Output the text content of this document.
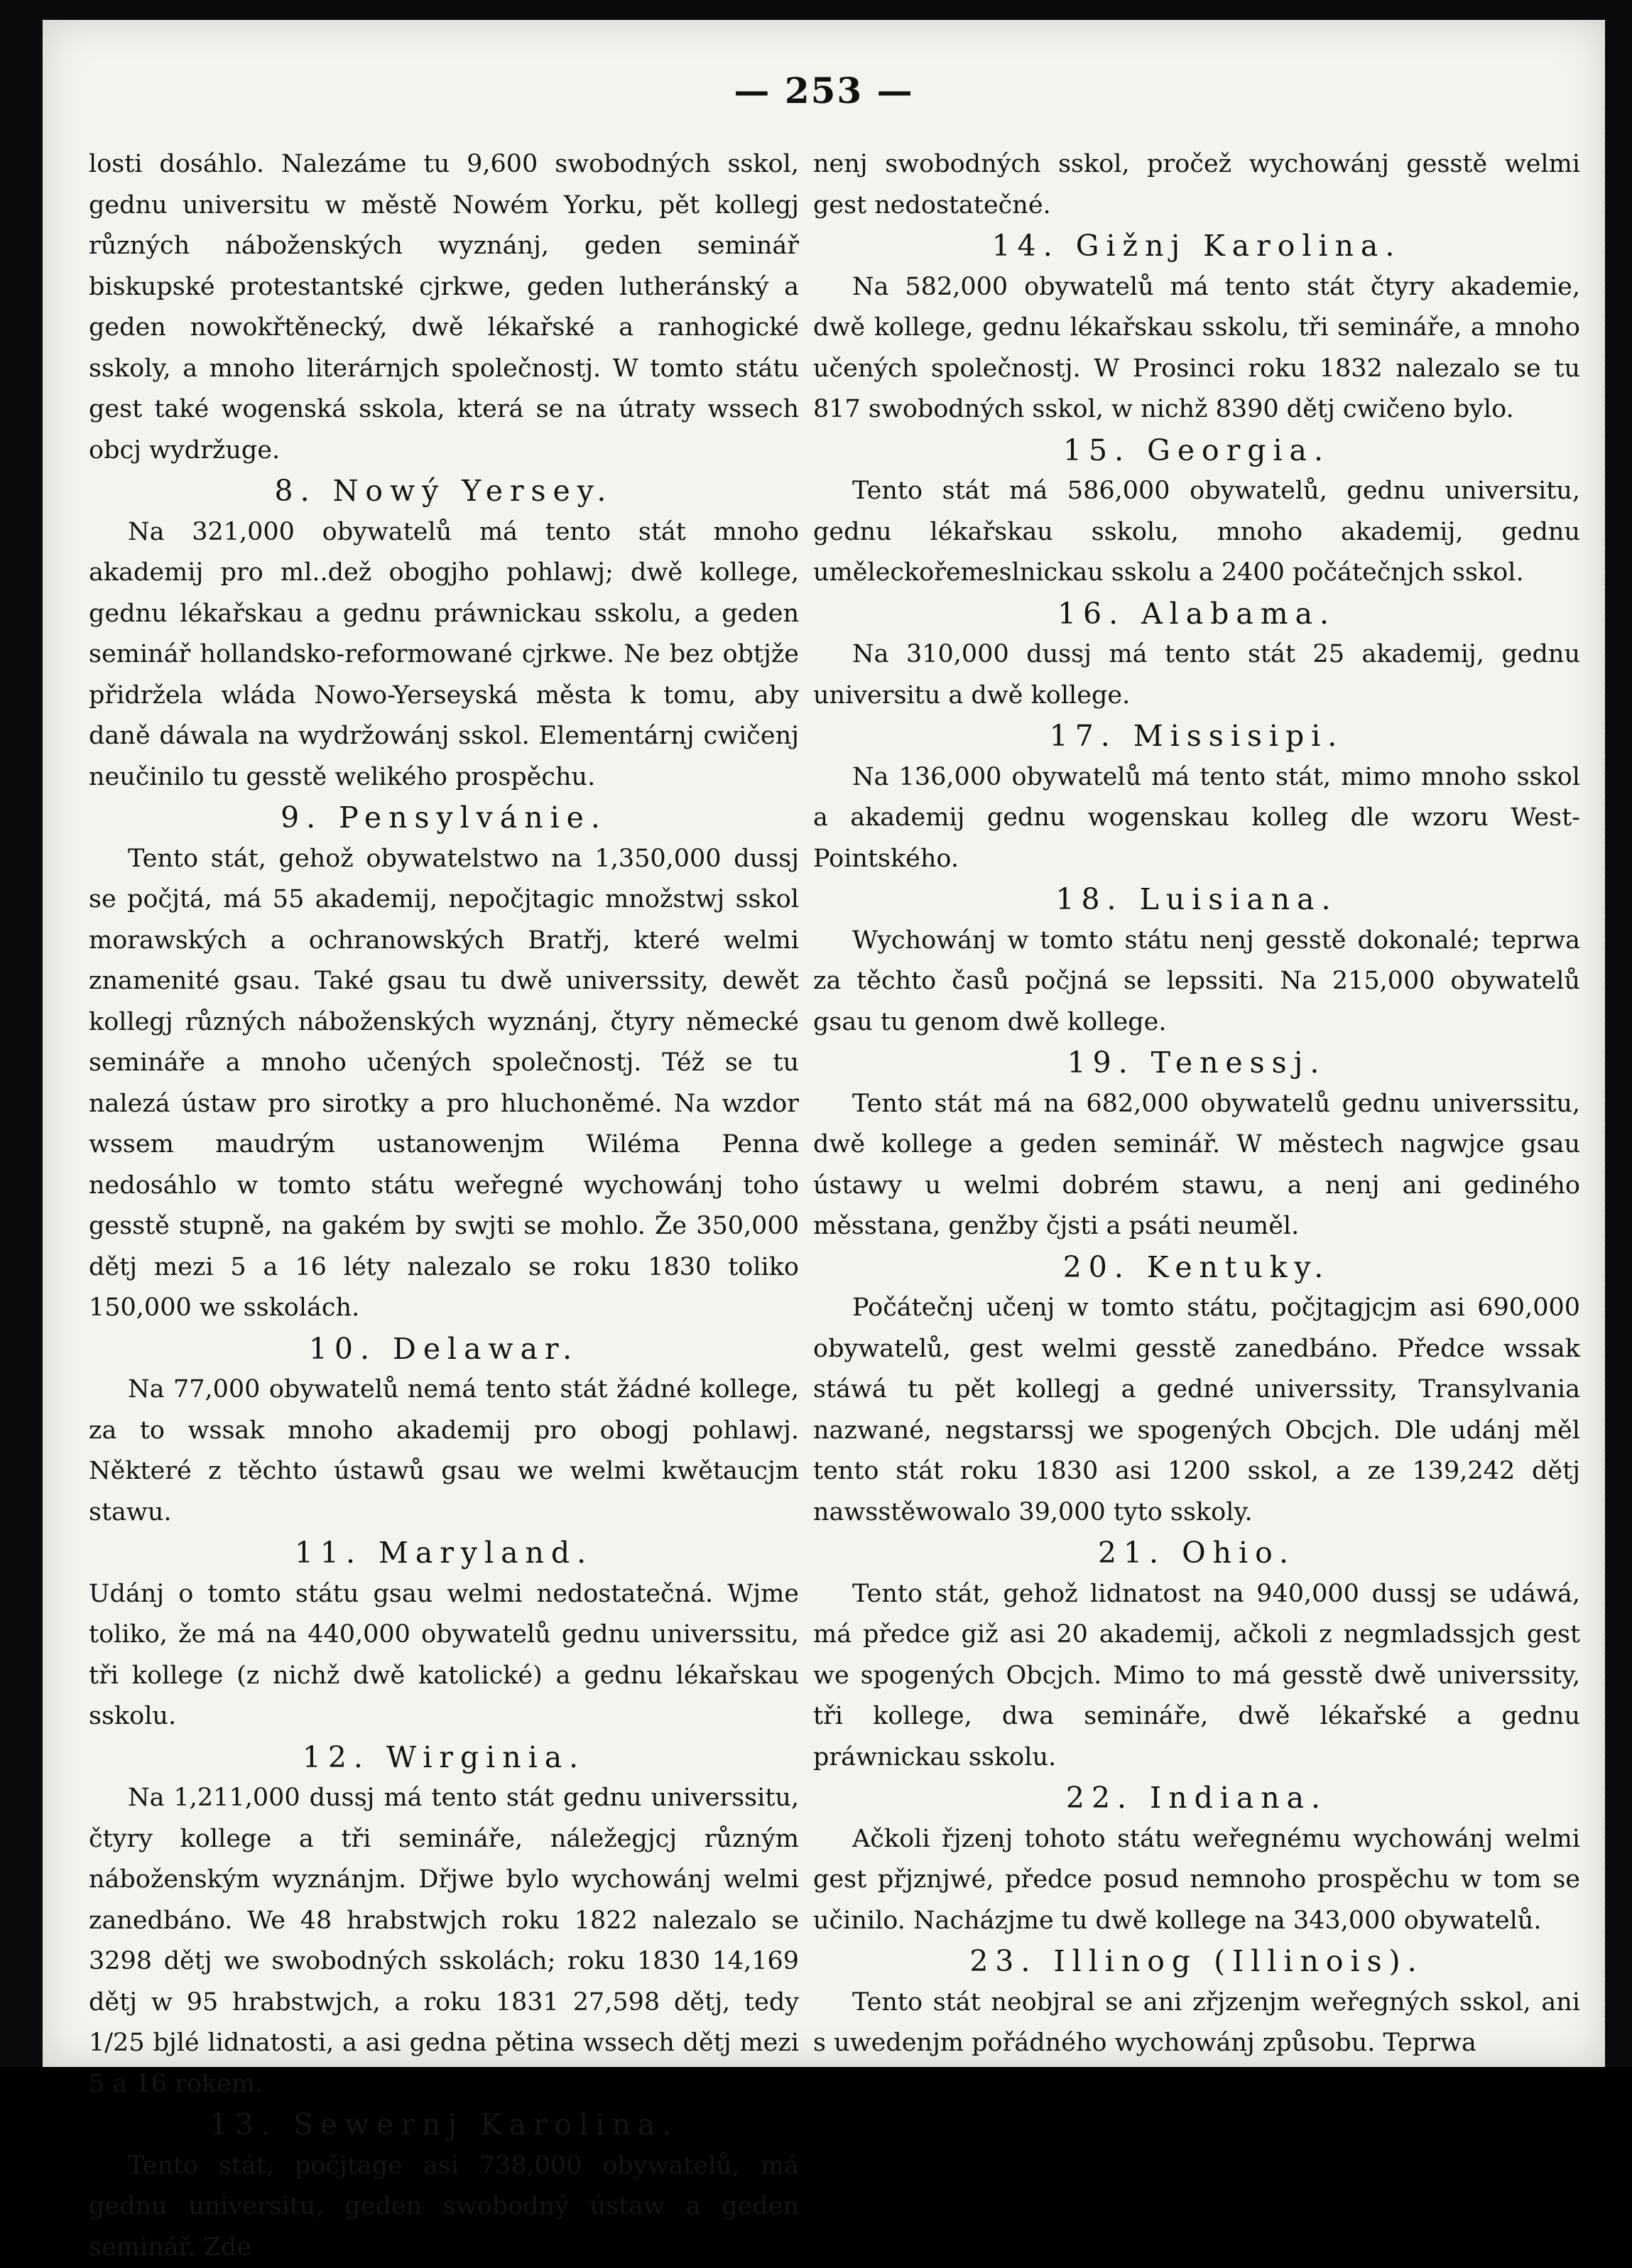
— 253 —

losti dosáhlo. Nalezáme tu 9,600 swobodných sskol, gednu universitu w městě Nowém Yorku, pět kollegj různých náboženských wyznánj, geden seminář biskupské protestantské cjrkwe, geden lutheránský a geden nowokřtěnecký, dwě lékařské a ranhogické sskoly, a mnoho literárnjch společnostj. W tomto státu gest také wogenská sskola, která se na útraty wssech obcj wydržuge.

8. Nowý Yersey.

Na 321,000 obywatelů má tento stát mnoho akademij pro ml..dež obogjho pohlawj; dwě kollege, gednu lékařskau a gednu práwnickau sskolu, a geden seminář hollandsko-reformowané cjrkwe. Ne bez obtjže přidržela wláda Nowo-Yerseyská města k tomu, aby daně dáwala na wydržowánj sskol. Elementárnj cwičenj neučinilo tu gesstě welikého prospěchu.

9. Pensylvánie.

Tento stát, gehož obywatelstwo na 1,350,000 dussj se počjtá, má 55 akademij, nepočjtagic množstwj sskol morawských a ochranowských Bratřj, které welmi znamenité gsau. Také gsau tu dwě universsity, dewět kollegj různých náboženských wyznánj, čtyry německé semináře a mnoho učených společnostj. Též se tu nalezá ústaw pro sirotky a pro hluchoněmé. Na wzdor wssem maudrým ustanowenjm Wiléma Penna nedosáhlo w tomto státu weřegné wychowánj toho gesstě stupně, na gakém by swjti se mohlo. Že 350,000 dětj mezi 5 a 16 léty nalezalo se roku 1830 toliko 150,000 we sskolách.

10. Delawar.

Na 77,000 obywatelů nemá tento stát žádné kollege, za to wssak mnoho akademij pro obogj pohlawj. Některé z těchto ústawů gsau we welmi kwětaucjm stawu.

11. Maryland.

Udánj o tomto státu gsau welmi nedostatečná. Wjme toliko, že má na 440,000 obywatelů gednu universsitu, tři kollege (z nichž dwě katolické) a gednu lékařskau sskolu.

12. Wirginia.

Na 1,211,000 dussj má tento stát gednu universsitu, čtyry kollege a tři semináře, náležegjcj různým náboženským wyznánjm. Dřjwe bylo wychowánj welmi zanedbáno. We 48 hrabstwjch roku 1822 nalezalo se 3298 dětj we swobodných sskolách; roku 1830 14,169 dětj w 95 hrabstwjch, a roku 1831 27,598 dětj, tedy 1/25 bjlé lidnatosti, a asi gedna pětina wssech dětj mezi 5 a 16 rokem.

13. Sewernj Karolina.

Tento stát, počjtage asi 738,000 obywatelů, má gednu universitu, geden swobodný ústaw a geden seminář. Zde

nenj swobodných sskol, pročež wychowánj gesstě welmi gest nedostatečné.

14. Gižnj Karolina.

Na 582,000 obywatelů má tento stát čtyry akademie, dwě kollege, gednu lékařskau sskolu, tři semináře, a mnoho učených společnostj. W Prosinci roku 1832 nalezalo se tu 817 swobodných sskol, w nichž 8390 dětj cwičeno bylo.

15. Georgia.

Tento stát má 586,000 obywatelů, gednu universitu, gednu lékařskau sskolu, mnoho akademij, gednu uměleckořemeslnickau sskolu a 2400 počátečnjch sskol.

16. Alabama.

Na 310,000 dussj má tento stát 25 akademij, gednu universitu a dwě kollege.

17. Missisipi.

Na 136,000 obywatelů má tento stát, mimo mnoho sskol a akademij gednu wogenskau kolleg dle wzoru West-Pointského.

18. Luisiana.

Wychowánj w tomto státu nenj gesstě dokonalé; teprwa za těchto časů počjná se lepssiti. Na 215,000 obywatelů gsau tu genom dwě kollege.

19. Tenessj.

Tento stát má na 682,000 obywatelů gednu universsitu, dwě kollege a geden seminář. W městech nagwjce gsau ústawy u welmi dobrém stawu, a nenj ani gediného měsstana, genžby čjsti a psáti neuměl.

20. Kentuky.

Počátečnj učenj w tomto státu, počjtagjcjm asi 690,000 obywatelů, gest welmi gesstě zanedbáno. Předce wssak stáwá tu pět kollegj a gedné universsity, Transylvania nazwané, negstarssj we spogených Obcjch. Dle udánj měl tento stát roku 1830 asi 1200 sskol, a ze 139,242 dětj nawsstěwowalo 39,000 tyto sskoly.

21. Ohio.

Tento stát, gehož lidnatost na 940,000 dussj se udáwá, má předce giž asi 20 akademij, ačkoli z negmladssjch gest we spogených Obcjch. Mimo to má gesstě dwě universsity, tři kollege, dwa semináře, dwě lékařské a gednu práwnickau sskolu.

22. Indiana.

Ačkoli řjzenj tohoto státu weřegnému wychowánj welmi gest přjznjwé, předce posud nemnoho prospěchu w tom se učinilo. Nacházjme tu dwě kollege na 343,000 obywatelů.

23. Illinog (Illinois).

Tento stát neobjral se ani zřjzenjm weřegných sskol, ani s uwedenjm pořádného wychowánj způsobu. Teprwa
